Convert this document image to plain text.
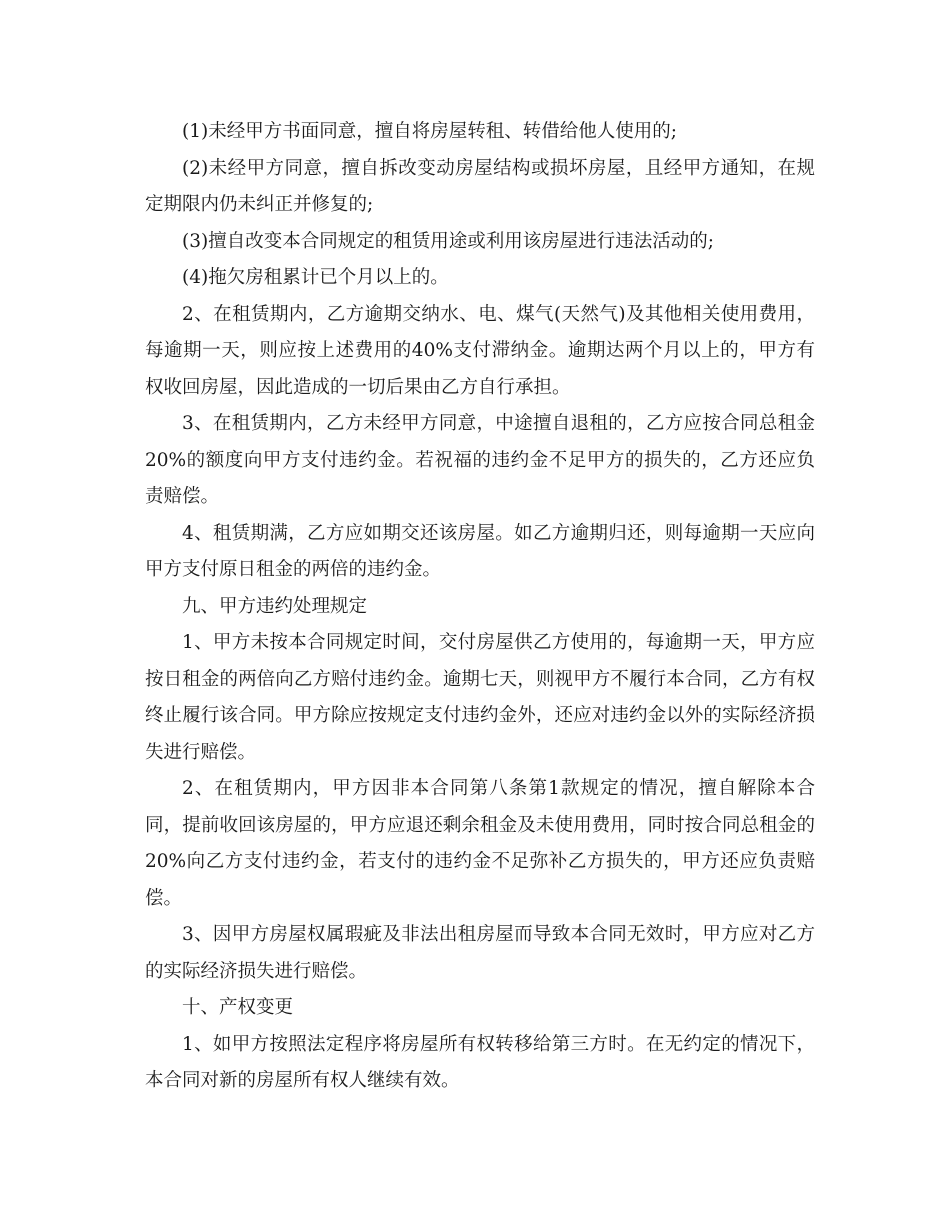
(1)未经甲方书面同意，擅自将房屋转租、转借给他人使用的;

(2)未经甲方同意，擅自拆改变动房屋结构或损坏房屋，且经甲方通知，在规定期限内仍未纠正并修复的;

(3)擅自改变本合同规定的租赁用途或利用该房屋进行违法活动的;

(4)拖欠房租累计已个月以上的。

2、在租赁期内，乙方逾期交纳水、电、煤气(天然气)及其他相关使用费用，每逾期一天，则应按上述费用的40%支付滞纳金。逾期达两个月以上的，甲方有权收回房屋，因此造成的一切后果由乙方自行承担。

3、在租赁期内，乙方未经甲方同意，中途擅自退租的，乙方应按合同总租金20%的额度向甲方支付违约金。若祝福的违约金不足甲方的损失的，乙方还应负责赔偿。

4、租赁期满，乙方应如期交还该房屋。如乙方逾期归还，则每逾期一天应向甲方支付原日租金的两倍的违约金。

九、甲方违约处理规定

1、甲方未按本合同规定时间，交付房屋供乙方使用的，每逾期一天，甲方应按日租金的两倍向乙方赔付违约金。逾期七天，则视甲方不履行本合同，乙方有权终止履行该合同。甲方除应按规定支付违约金外，还应对违约金以外的实际经济损失进行赔偿。

2、在租赁期内，甲方因非本合同第八条第1款规定的情况，擅自解除本合同，提前收回该房屋的，甲方应退还剩余租金及未使用费用，同时按合同总租金的20%向乙方支付违约金，若支付的违约金不足弥补乙方损失的，甲方还应负责赔偿。

3、因甲方房屋权属瑕疵及非法出租房屋而导致本合同无效时，甲方应对乙方的实际经济损失进行赔偿。

十、产权变更

1、如甲方按照法定程序将房屋所有权转移给第三方时。在无约定的情况下，本合同对新的房屋所有权人继续有效。
